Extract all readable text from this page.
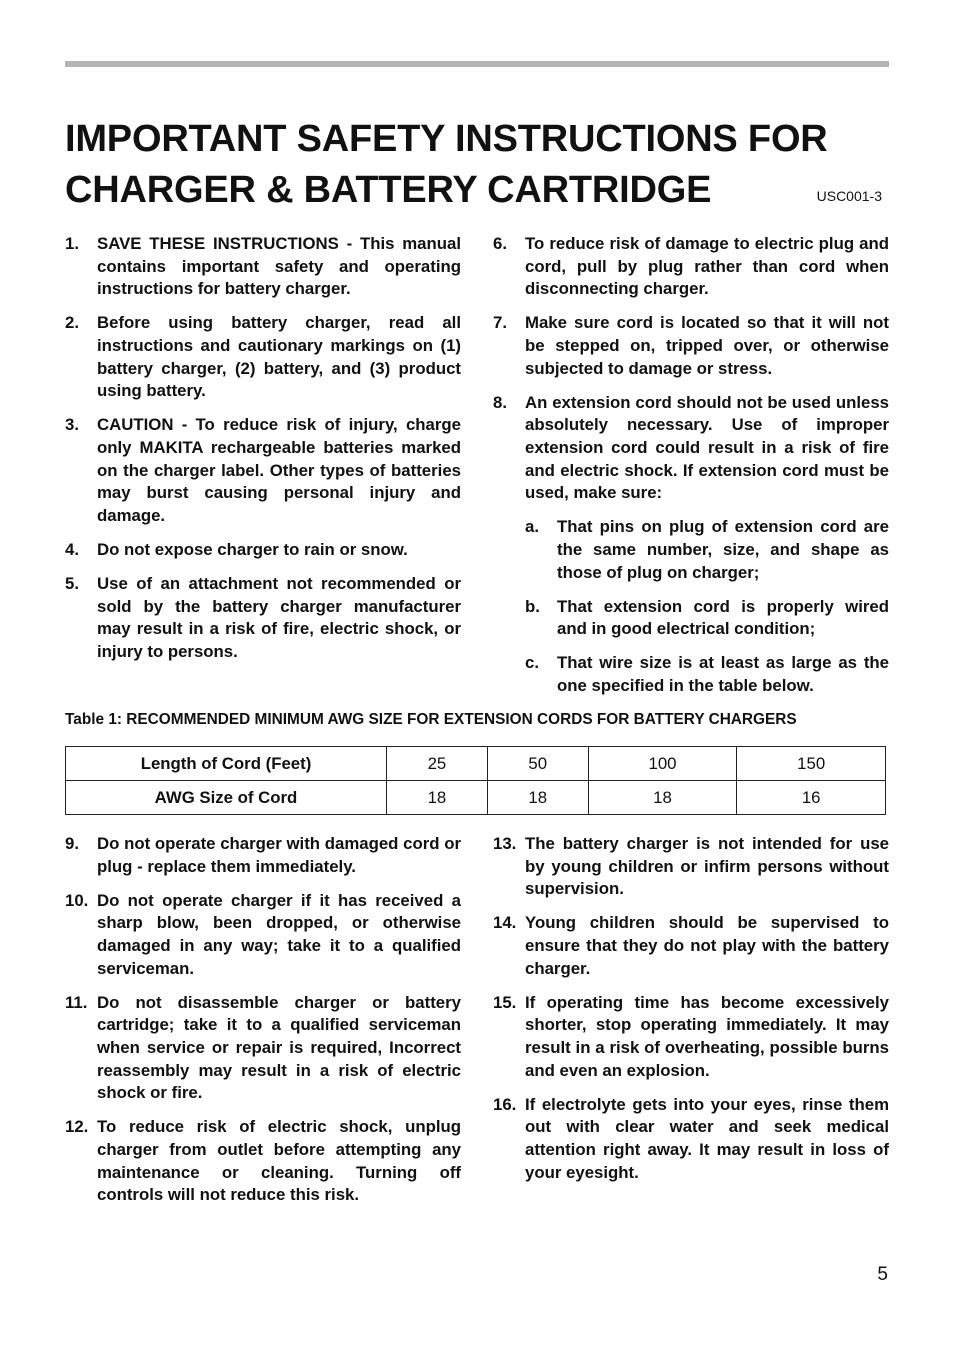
IMPORTANT SAFETY INSTRUCTIONS FOR
CHARGER & BATTERY CARTRIDGE	USC001-3
1. SAVE THESE INSTRUCTIONS - This manual contains important safety and operating instructions for battery charger.
2. Before using battery charger, read all instructions and cautionary markings on (1) battery charger, (2) battery, and (3) product using battery.
3. CAUTION - To reduce risk of injury, charge only MAKITA rechargeable batteries marked on the charger label. Other types of batteries may burst causing personal injury and damage.
4. Do not expose charger to rain or snow.
5. Use of an attachment not recommended or sold by the battery charger manufacturer may result in a risk of fire, electric shock, or injury to persons.
6. To reduce risk of damage to electric plug and cord, pull by plug rather than cord when disconnecting charger.
7. Make sure cord is located so that it will not be stepped on, tripped over, or otherwise subjected to damage or stress.
8. An extension cord should not be used unless absolutely necessary. Use of improper extension cord could result in a risk of fire and electric shock. If extension cord must be used, make sure:
a. That pins on plug of extension cord are the same number, size, and shape as those of plug on charger;
b. That extension cord is properly wired and in good electrical condition;
c. That wire size is at least as large as the one specified in the table below.
Table 1: RECOMMENDED MINIMUM AWG SIZE FOR EXTENSION CORDS FOR BATTERY CHARGERS
Length of Cord (Feet)	25	50	100	150
AWG Size of Cord	18	18	18	16
9. Do not operate charger with damaged cord or plug - replace them immediately.
10. Do not operate charger if it has received a sharp blow, been dropped, or otherwise damaged in any way; take it to a qualified serviceman.
11. Do not disassemble charger or battery cartridge; take it to a qualified serviceman when service or repair is required, Incorrect reassembly may result in a risk of electric shock or fire.
12. To reduce risk of electric shock, unplug charger from outlet before attempting any maintenance or cleaning. Turning off controls will not reduce this risk.
13. The battery charger is not intended for use by young children or infirm persons without supervision.
14. Young children should be supervised to ensure that they do not play with the battery charger.
15. If operating time has become excessively shorter, stop operating immediately. It may result in a risk of overheating, possible burns and even an explosion.
16. If electrolyte gets into your eyes, rinse them out with clear water and seek medical attention right away. It may result in loss of your eyesight.
5
